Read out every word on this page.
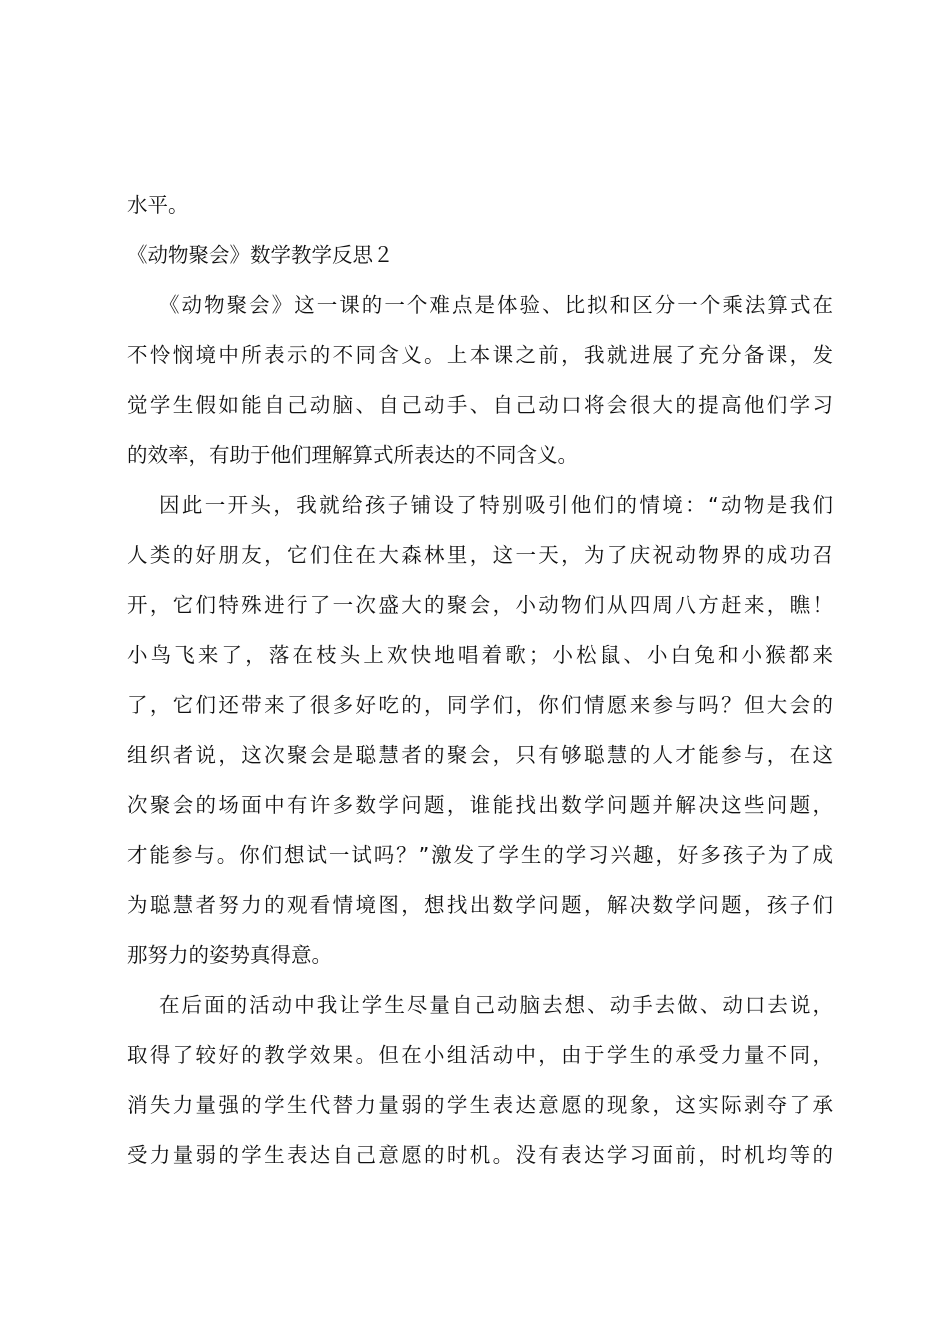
水平。
《动物聚会》数学教学反思２
《动物聚会》这一课的一个难点是体验、比拟和区分一个乘法算式在
不怜悯境中所表示的不同含义。上本课之前，我就进展了充分备课，发
觉学生假如能自己动脑、自己动手、自己动口将会很大的提高他们学习
的效率，有助于他们理解算式所表达的不同含义。
因此一开头，我就给孩子铺设了特别吸引他们的情境：“动物是我们
人类的好朋友，它们住在大森林里，这一天，为了庆祝动物界的成功召
开，它们特殊进行了一次盛大的聚会，小动物们从四周八方赶来，瞧！
小鸟飞来了，落在枝头上欢快地唱着歌；小松鼠、小白兔和小猴都来
了，它们还带来了很多好吃的，同学们，你们情愿来参与吗？但大会的
组织者说，这次聚会是聪慧者的聚会，只有够聪慧的人才能参与，在这
次聚会的场面中有许多数学问题，谁能找出数学问题并解决这些问题，
才能参与。你们想试一试吗？”激发了学生的学习兴趣，好多孩子为了成
为聪慧者努力的观看情境图，想找出数学问题，解决数学问题，孩子们
那努力的姿势真得意。
在后面的活动中我让学生尽量自己动脑去想、动手去做、动口去说，
取得了较好的教学效果。但在小组活动中，由于学生的承受力量不同，
消失力量强的学生代替力量弱的学生表达意愿的现象，这实际剥夺了承
受力量弱的学生表达自己意愿的时机。没有表达学习面前，时机均等的
